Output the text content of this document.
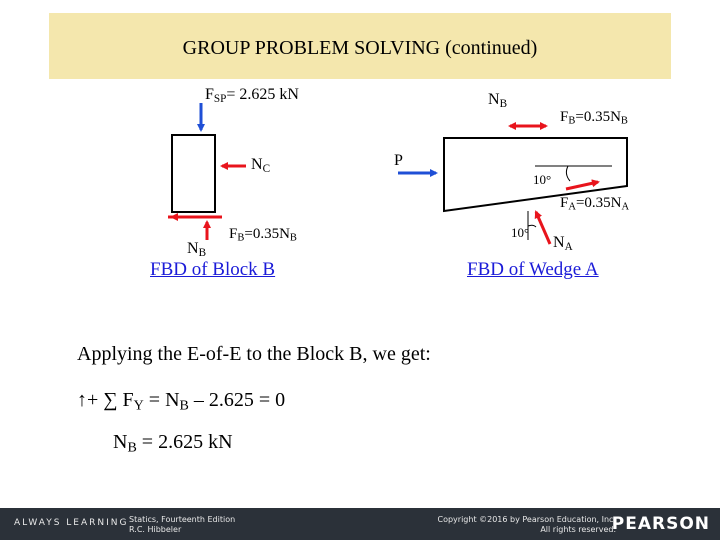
GROUP PROBLEM SOLVING (continued)
$F_{SP}= 2.625$ kN
$N_C$
$F_B=0.35N_B$
$N_B$
FBD of Block B
$N_B$
$F_B=0.35N_B$
P
10°
$F_A=0.35N_A$
10°
$N_A$
FBD of Wedge A
Applying the E-of-E to the Block B, we get:
↑+ ∑ $F_Y = N_B - 2.625 = 0$
$N_B = 2.625$ kN
ALWAYS LEARNING Statics, Fourteenth Edition
R.C. Hibbeler
Copyright ©2016 by Pearson Education, Inc.
All rights reserved.
PEARSON
